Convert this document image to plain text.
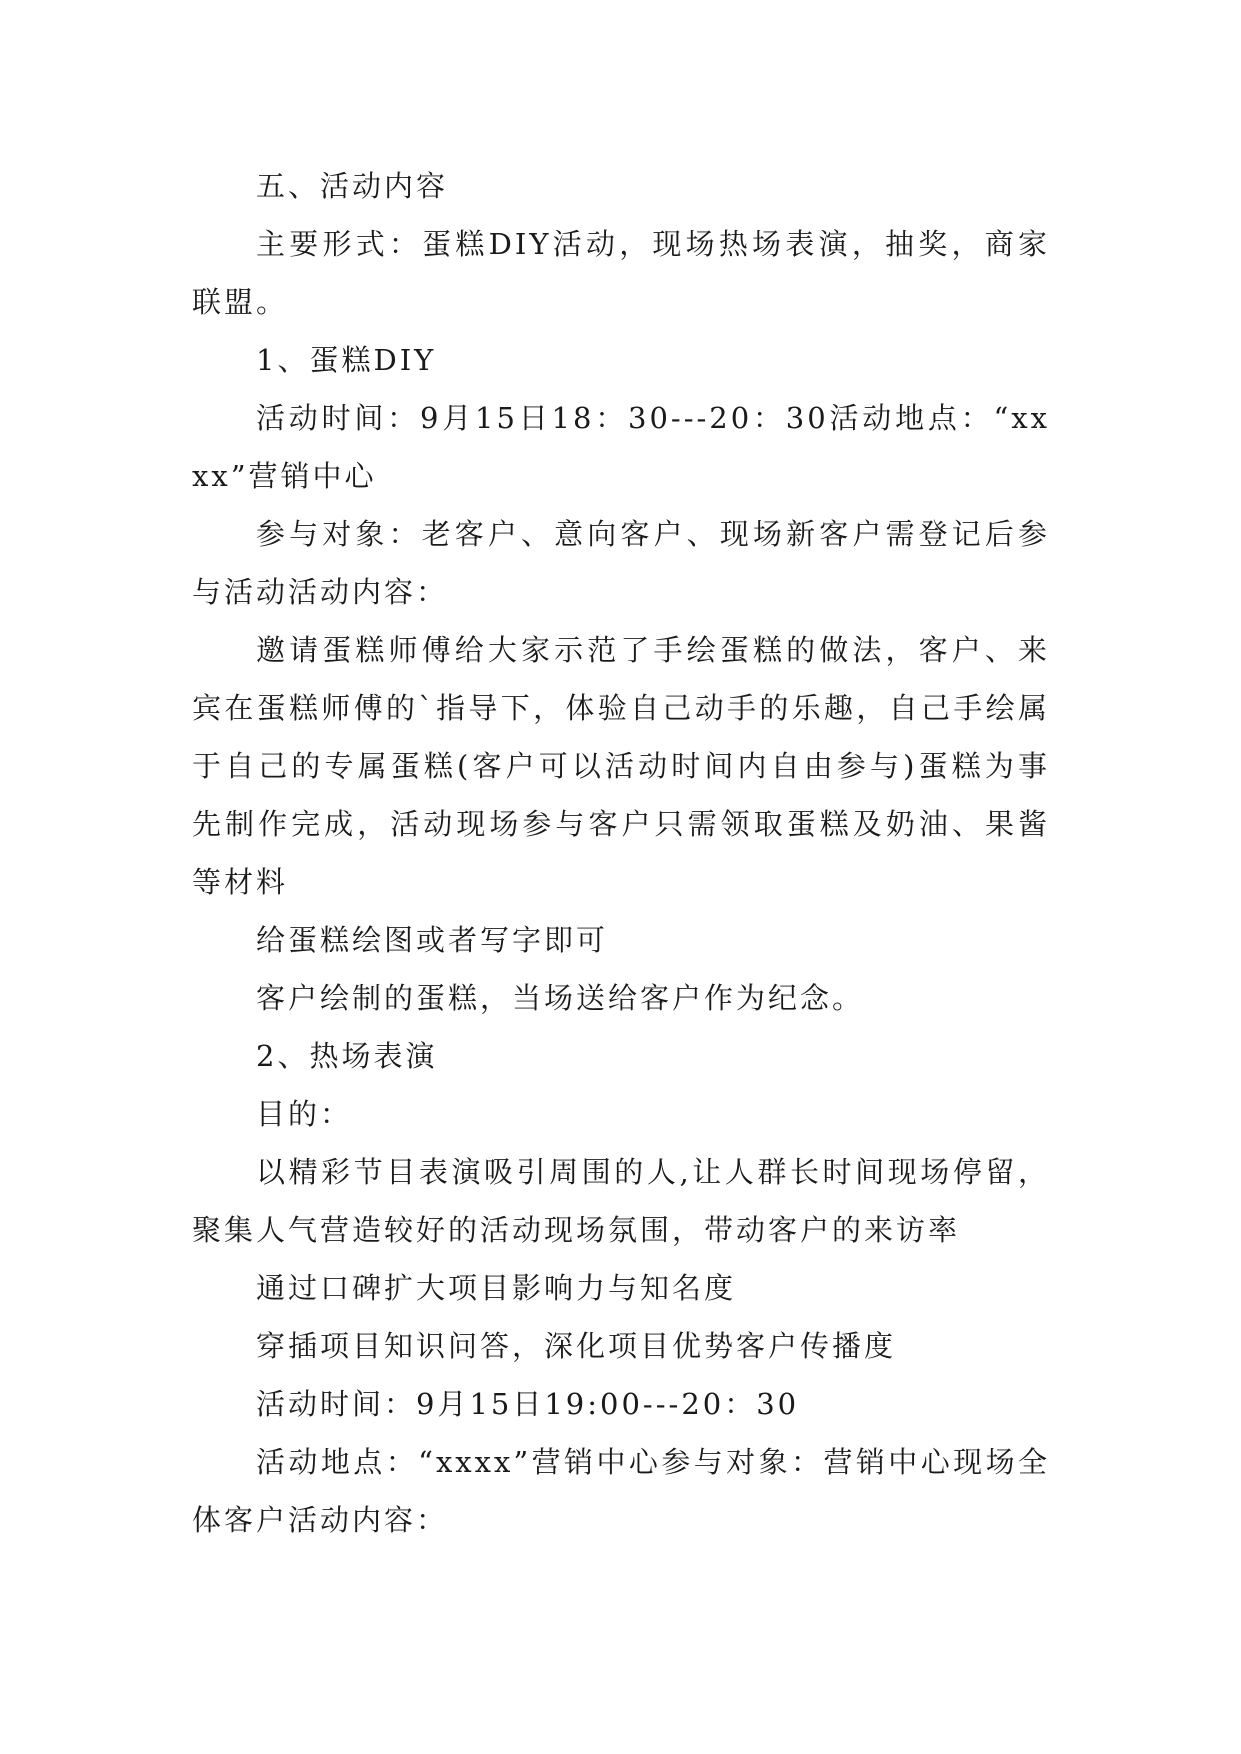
五、活动内容

主要形式：蛋糕DIY活动，现场热场表演，抽奖，商家联盟。

1、蛋糕DIY

活动时间：9月15日18：30---20：30活动地点：“xxxx”营销中心

参与对象：老客户、意向客户、现场新客户需登记后参与活动活动内容：

邀请蛋糕师傅给大家示范了手绘蛋糕的做法，客户、来宾在蛋糕师傅的`指导下，体验自己动手的乐趣，自己手绘属于自己的专属蛋糕(客户可以活动时间内自由参与)蛋糕为事先制作完成，活动现场参与客户只需领取蛋糕及奶油、果酱等材料

给蛋糕绘图或者写字即可

客户绘制的蛋糕，当场送给客户作为纪念。

2、热场表演

目的：

以精彩节目表演吸引周围的人,让人群长时间现场停留，聚集人气营造较好的活动现场氛围，带动客户的来访率

通过口碑扩大项目影响力与知名度

穿插项目知识问答，深化项目优势客户传播度

活动时间：9月15日19:00---20：30

活动地点：“xxxx”营销中心参与对象：营销中心现场全体客户活动内容：
